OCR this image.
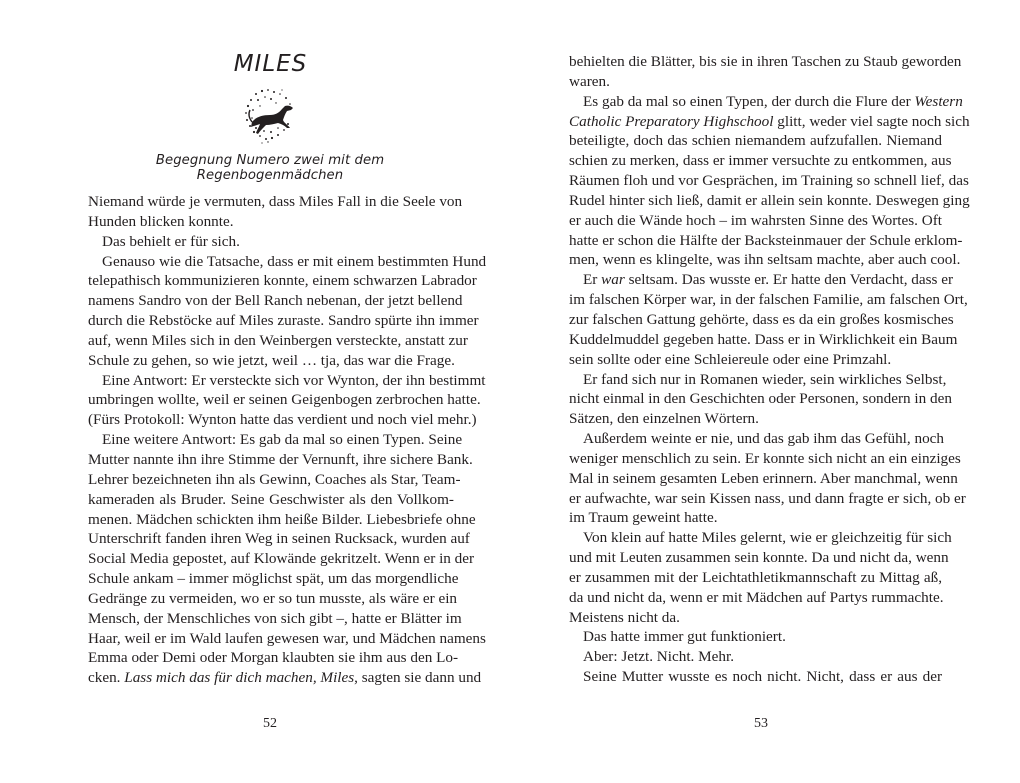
MILES
Begegnung Numero zwei mit dem Regenbogenmädchen
Niemand würde je vermuten, dass Miles Fall in die Seele von
Hunden blicken konnte.
Das behielt er für sich.
Genauso wie die Tatsache, dass er mit einem bestimmten Hund
telepathisch kommunizieren konnte, einem schwarzen Labrador
namens Sandro von der Bell Ranch nebenan, der jetzt bellend
durch die Rebstöcke auf Miles zuraste. Sandro spürte ihn immer
auf, wenn Miles sich in den Weinbergen versteckte, anstatt zur
Schule zu gehen, so wie jetzt, weil … tja, das war die Frage.
Eine Antwort: Er versteckte sich vor Wynton, der ihn bestimmt
umbringen wollte, weil er seinen Geigenbogen zerbrochen hatte.
(Fürs Protokoll: Wynton hatte das verdient und noch viel mehr.)
Eine weitere Antwort: Es gab da mal so einen Typen. Seine
Mutter nannte ihn ihre Stimme der Vernunft, ihre sichere Bank.
Lehrer bezeichneten ihn als Gewinn, Coaches als Star, Team-
kameraden als Bruder. Seine Geschwister als den Vollkom-
menen. Mädchen schickten ihm heiße Bilder. Liebesbriefe ohne
Unterschrift fanden ihren Weg in seinen Rucksack, wurden auf
Social Media gepostet, auf Klowände gekritzelt. Wenn er in der
Schule ankam – immer möglichst spät, um das morgendliche
Gedränge zu vermeiden, wo er so tun musste, als wäre er ein
Mensch, der Menschliches von sich gibt –, hatte er Blätter im
Haar, weil er im Wald laufen gewesen war, und Mädchen namens
Emma oder Demi oder Morgan klaubten sie ihm aus den Lo-
cken. Lass mich das für dich machen, Miles, sagten sie dann und
52
behielten die Blätter, bis sie in ihren Taschen zu Staub geworden
waren.
Es gab da mal so einen Typen, der durch die Flure der Western
Catholic Preparatory Highschool glitt, weder viel sagte noch sich
beteiligte, doch das schien niemandem aufzufallen. Niemand
schien zu merken, dass er immer versuchte zu entkommen, aus
Räumen floh und vor Gesprächen, im Training so schnell lief, das
Rudel hinter sich ließ, damit er allein sein konnte. Deswegen ging
er auch die Wände hoch – im wahrsten Sinne des Wortes. Oft
hatte er schon die Hälfte der Backsteinmauer der Schule erklom-
men, wenn es klingelte, was ihn seltsam machte, aber auch cool.
Er war seltsam. Das wusste er. Er hatte den Verdacht, dass er
im falschen Körper war, in der falschen Familie, am falschen Ort,
zur falschen Gattung gehörte, dass es da ein großes kosmisches
Kuddelmuddel gegeben hatte. Dass er in Wirklichkeit ein Baum
sein sollte oder eine Schleiereule oder eine Primzahl.
Er fand sich nur in Romanen wieder, sein wirkliches Selbst,
nicht einmal in den Geschichten oder Personen, sondern in den
Sätzen, den einzelnen Wörtern.
Außerdem weinte er nie, und das gab ihm das Gefühl, noch
weniger menschlich zu sein. Er konnte sich nicht an ein einziges
Mal in seinem gesamten Leben erinnern. Aber manchmal, wenn
er aufwachte, war sein Kissen nass, und dann fragte er sich, ob er
im Traum geweint hatte.
Von klein auf hatte Miles gelernt, wie er gleichzeitig für sich
und mit Leuten zusammen sein konnte. Da und nicht da, wenn
er zusammen mit der Leichtathletikmannschaft zu Mittag aß,
da und nicht da, wenn er mit Mädchen auf Partys rummachte.
Meistens nicht da.
Das hatte immer gut funktioniert.
Aber: Jetzt. Nicht. Mehr.
Seine Mutter wusste es noch nicht. Nicht, dass er aus der
53
